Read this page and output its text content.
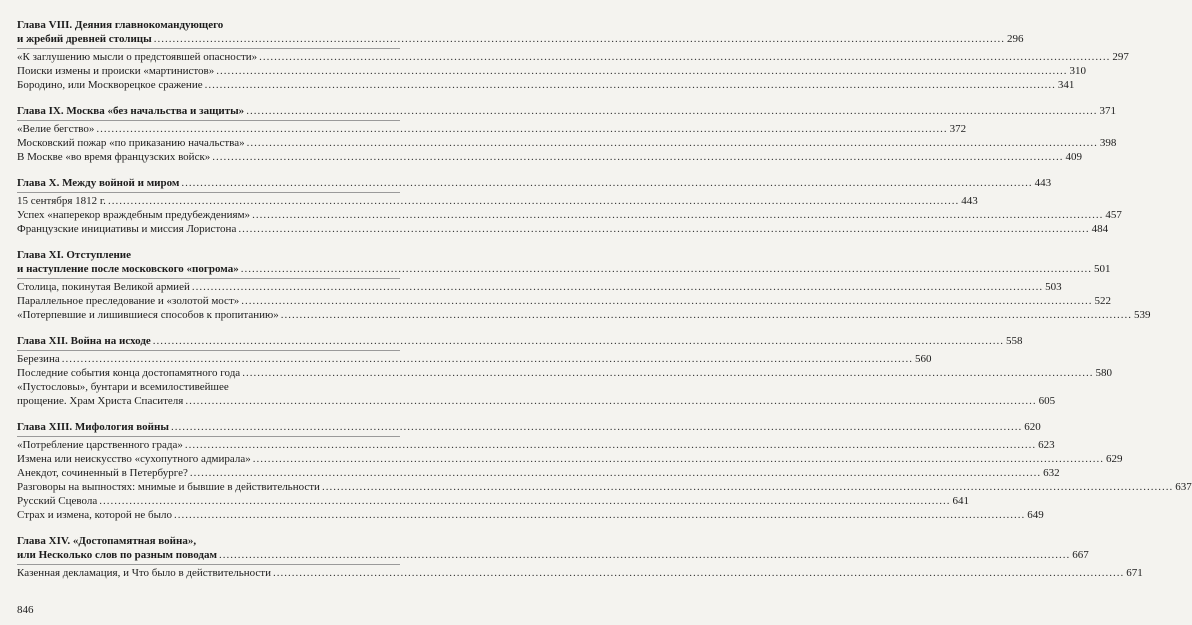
Глава VIII. Деяния главнокомандующего
и жребий древней столицы .....	296
«К заглушению мысли о предстоявшей опасности» .....	297
Поиски измены и происки «мартинистов» .....	310
Бородино, или Москворецкое сражение .....	341
Глава IX. Москва «без начальства и защиты» .....	371
«Велие бегство» .....	372
Московский пожар «по приказанию начальства» .....	398
В Москве «во время французских войск» .....	409
Глава X. Между войной и миром .....	443
15 сентября 1812 г. .....	443
Успех «наперекор враждебным предубеждениям» .....	457
Французские инициативы и миссия Лористона .....	484
Глава XI. Отступление
и наступление после московского «погрома» .....	501
Столица, покинутая Великой армией .....	503
Параллельное преследование и «золотой мост» .....	522
«Потерпевшие и лишившиеся способов к пропитанию» .....	539
Глава XII. Война на исходе .....	558
Березина .....	560
Последние события конца достопамятного года .....	580
«Пустословы», бунтари и всемилостивейшее
прощение. Храм Христа Спасителя .....	605
Глава XIII. Мифология войны .....	620
«Потребление царственного града» .....	623
Измена или неискусство «сухопутного адмирала» .....	629
Анекдот, сочиненный в Петербурге? .....	632
Разговоры на выпностях: мнимые и бывшие в действительности .....	637
Русский Сцевола .....	641
Страх и измена, которой не было .....	649
Глава XIV. «Достопамятная война»,
или Несколько слов по разным поводам .....	667
Казенная декламация, и Что было в действительности .....	671
846
